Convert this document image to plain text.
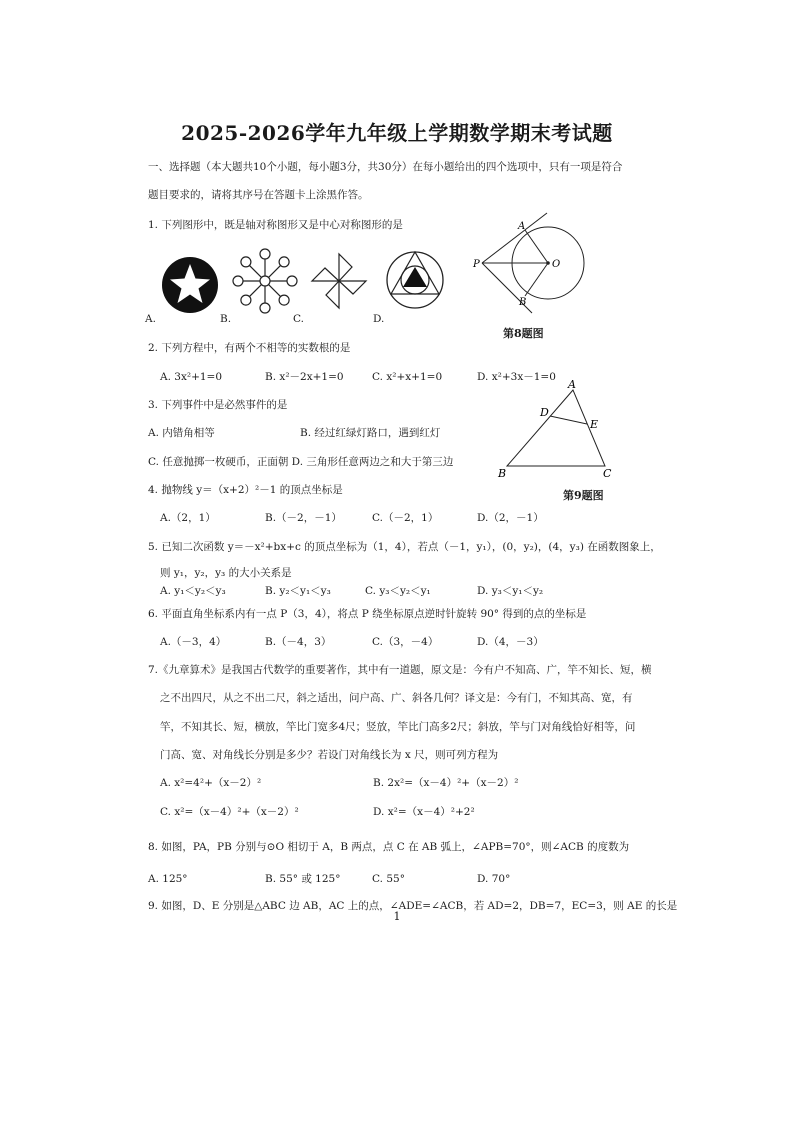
2025-2026学年九年级上学期数学期末考试题
一、选择题（本大题共10个小题，每小题3分，共30分）在每小题给出的四个选项中，只有一项是符合
题目要求的，请将其序号在答题卡上涂黑作答。
1. 下列图形中，既是轴对称图形又是中心对称图形的是
A.	B.	C.	D.
A
P	O
B
第8题图
2. 下列方程中，有两个不相等的实数根的是
A. 3x²+1=0	B. x²－2x+1=0	C. x²+x+1=0	D. x²+3x－1=0
A
D
E
B	C
第9题图
3. 下列事件中是必然事件的是
A. 内错角相等	B. 经过红绿灯路口，遇到红灯
C. 任意抛掷一枚硬币，正面朝 D. 三角形任意两边之和大于第三边
4. 抛物线 y＝（x+2）²－1 的顶点坐标是
A.（2，1）	B.（－2，－1）	C.（－2，1）	D.（2，－1）
5. 已知二次函数 y＝－x²+bx+c 的顶点坐标为（1，4），若点（－1，y₁），(0，y₂)，(4，y₃) 在函数图象上，
则 y₁，y₂，y₃ 的大小关系是
A. y₁＜y₂＜y₃	B. y₂＜y₁＜y₃	C. y₃＜y₂＜y₁	D. y₃＜y₁＜y₂
6. 平面直角坐标系内有一点 P（3，4），将点 P 绕坐标原点逆时针旋转 90° 得到的点的坐标是
A.（－3，4）	B.（－4，3）	C.（3，－4）	D.（4，－3）
7.《九章算术》是我国古代数学的重要著作，其中有一道题，原文是：今有户不知高、广，竿不知长、短，横
之不出四尺，从之不出二尺，斜之适出，问户高、广、斜各几何？译文是：今有门，不知其高、宽，有
竿，不知其长、短，横放，竿比门宽多4尺；竖放，竿比门高多2尺；斜放，竿与门对角线恰好相等，问
门高、宽、对角线长分别是多少？若设门对角线长为 x 尺，则可列方程为
A. x²=4²+（x－2）²	B. 2x²=（x－4）²+（x－2）²
C. x²=（x－4）²+（x－2）²	D. x²=（x－4）²+2²
8. 如图，PA，PB 分别与⊙O 相切于 A，B 两点，点 C 在 AB 弧上，∠APB=70°，则∠ACB 的度数为
A. 125°	B. 55° 或 125°	C. 55°	D. 70°
9. 如图，D、E 分别是△ABC 边 AB，AC 上的点，∠ADE=∠ACB，若 AD=2，DB=7，EC=3，则 AE 的长是
1
